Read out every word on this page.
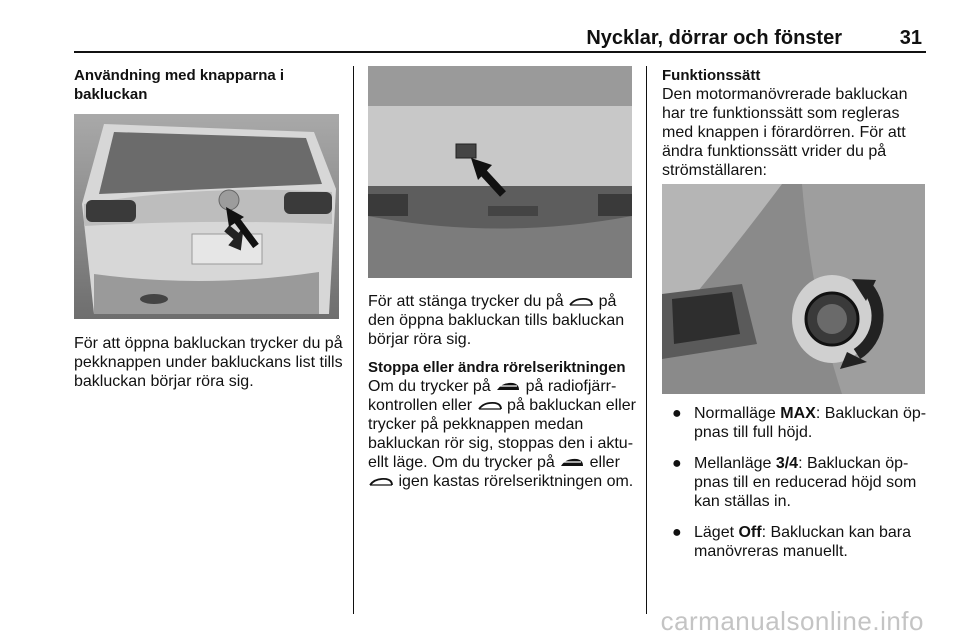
Nycklar, dörrar och fönster	31

Användning med knapparna i bakluckan

För att öppna bakluckan trycker du på pekknappen under bakluckans list tills bakluckan börjar röra sig.

För att stänga trycker du på på den öppna bakluckan tills bakluckan börjar röra sig.

Stoppa eller ändra rörelseriktningen

Om du trycker på på radiofjärr-kontrollen eller på bakluckan eller trycker på pekknappen medan bakluckan rör sig, stoppas den i aktu-ellt läge. Om du trycker på eller  igen kastas rörelseriktningen om.

Funktionssätt

Den motormanövrerade bakluckan har tre funktionssätt som regleras med knappen i förardörren. För att ändra funktionssätt vrider du på strömställaren:

● Normalläge MAX: Bakluckan öp-pnas till full höjd.
● Mellanläge 3/4: Bakluckan öp-pnas till en reducerad höjd som kan ställas in.
● Läget Off: Bakluckan kan bara manövreras manuellt.
carmanualsonline.info
